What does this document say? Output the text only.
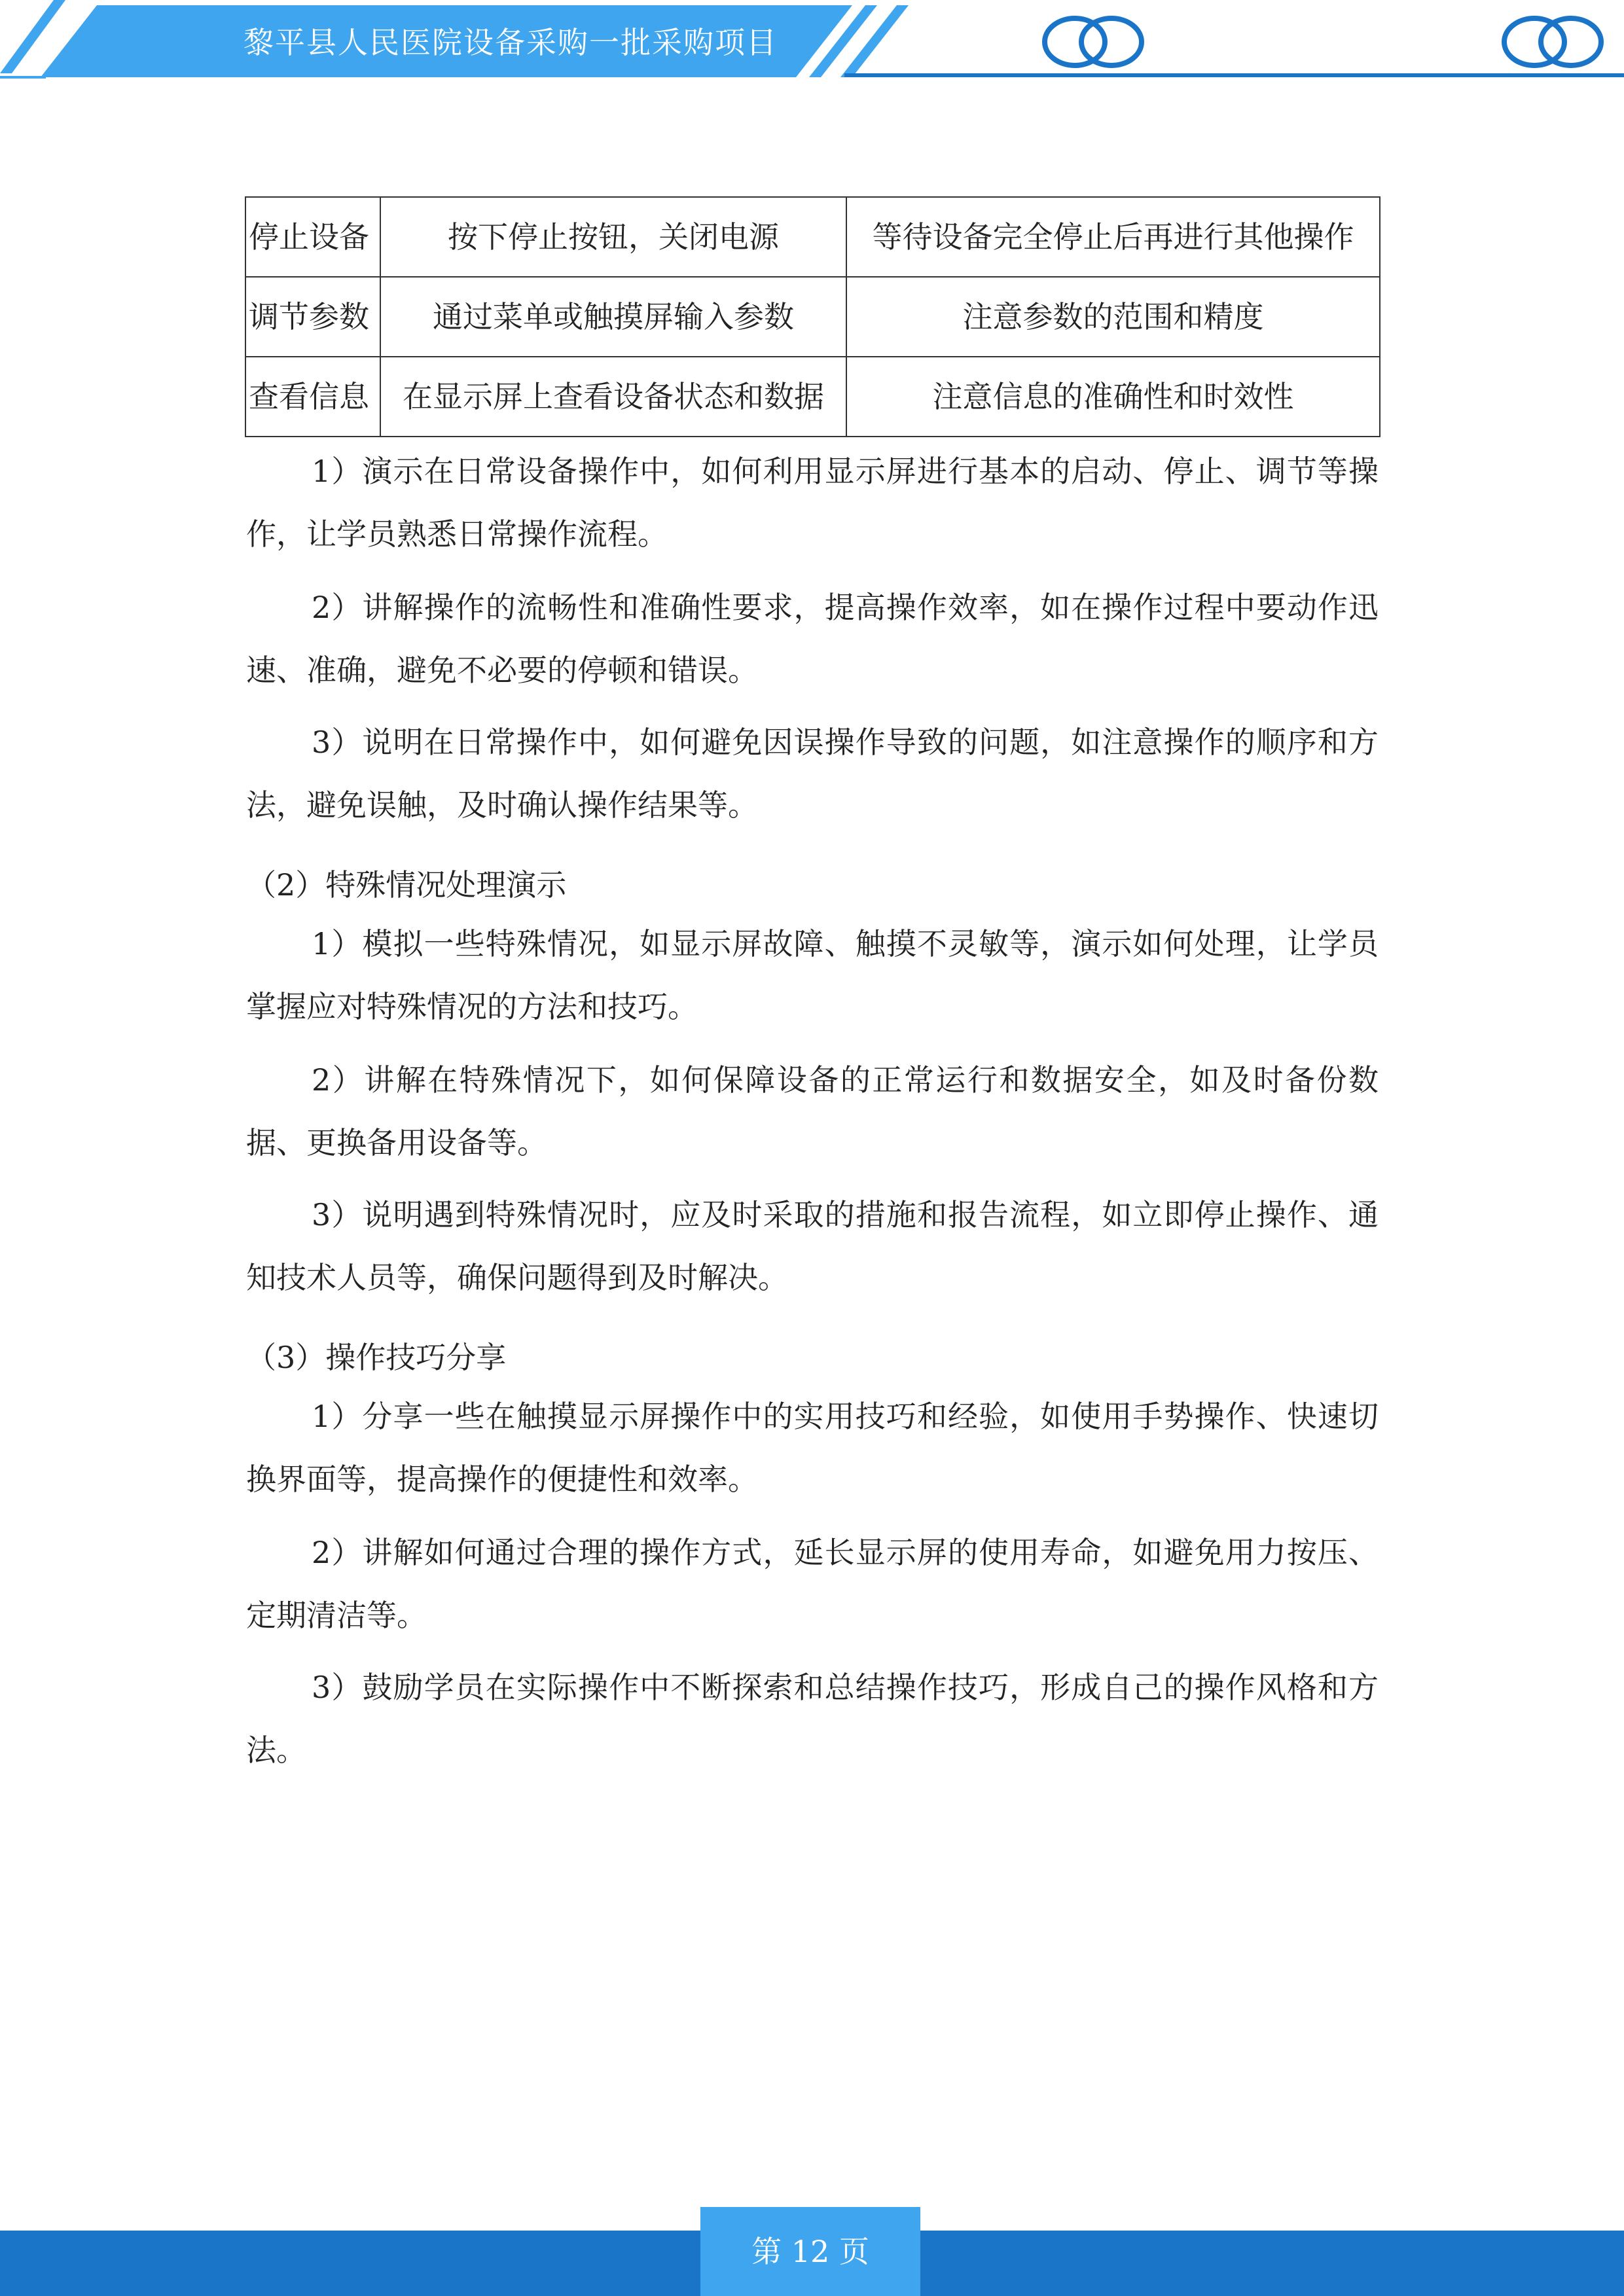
黎平县人民医院设备采购一批采购项目
停止设备	按下停止按钮，关闭电源	等待设备完全停止后再进行其他操作
调节参数	通过菜单或触摸屏输入参数	注意参数的范围和精度
查看信息	在显示屏上查看设备状态和数据	注意信息的准确性和时效性

1）演示在日常设备操作中，如何利用显示屏进行基本的启动、停止、调节等操作，让学员熟悉日常操作流程。

2）讲解操作的流畅性和准确性要求，提高操作效率，如在操作过程中要动作迅速、准确，避免不必要的停顿和错误。

3）说明在日常操作中，如何避免因误操作导致的问题，如注意操作的顺序和方法，避免误触，及时确认操作结果等。

（2）特殊情况处理演示

1）模拟一些特殊情况，如显示屏故障、触摸不灵敏等，演示如何处理，让学员掌握应对特殊情况的方法和技巧。

2）讲解在特殊情况下，如何保障设备的正常运行和数据安全，如及时备份数据、更换备用设备等。

3）说明遇到特殊情况时，应及时采取的措施和报告流程，如立即停止操作、通知技术人员等，确保问题得到及时解决。

（3）操作技巧分享

1）分享一些在触摸显示屏操作中的实用技巧和经验，如使用手势操作、快速切换界面等，提高操作的便捷性和效率。

2）讲解如何通过合理的操作方式，延长显示屏的使用寿命，如避免用力按压、定期清洁等。

3）鼓励学员在实际操作中不断探索和总结操作技巧，形成自己的操作风格和方法。

第 12 页
